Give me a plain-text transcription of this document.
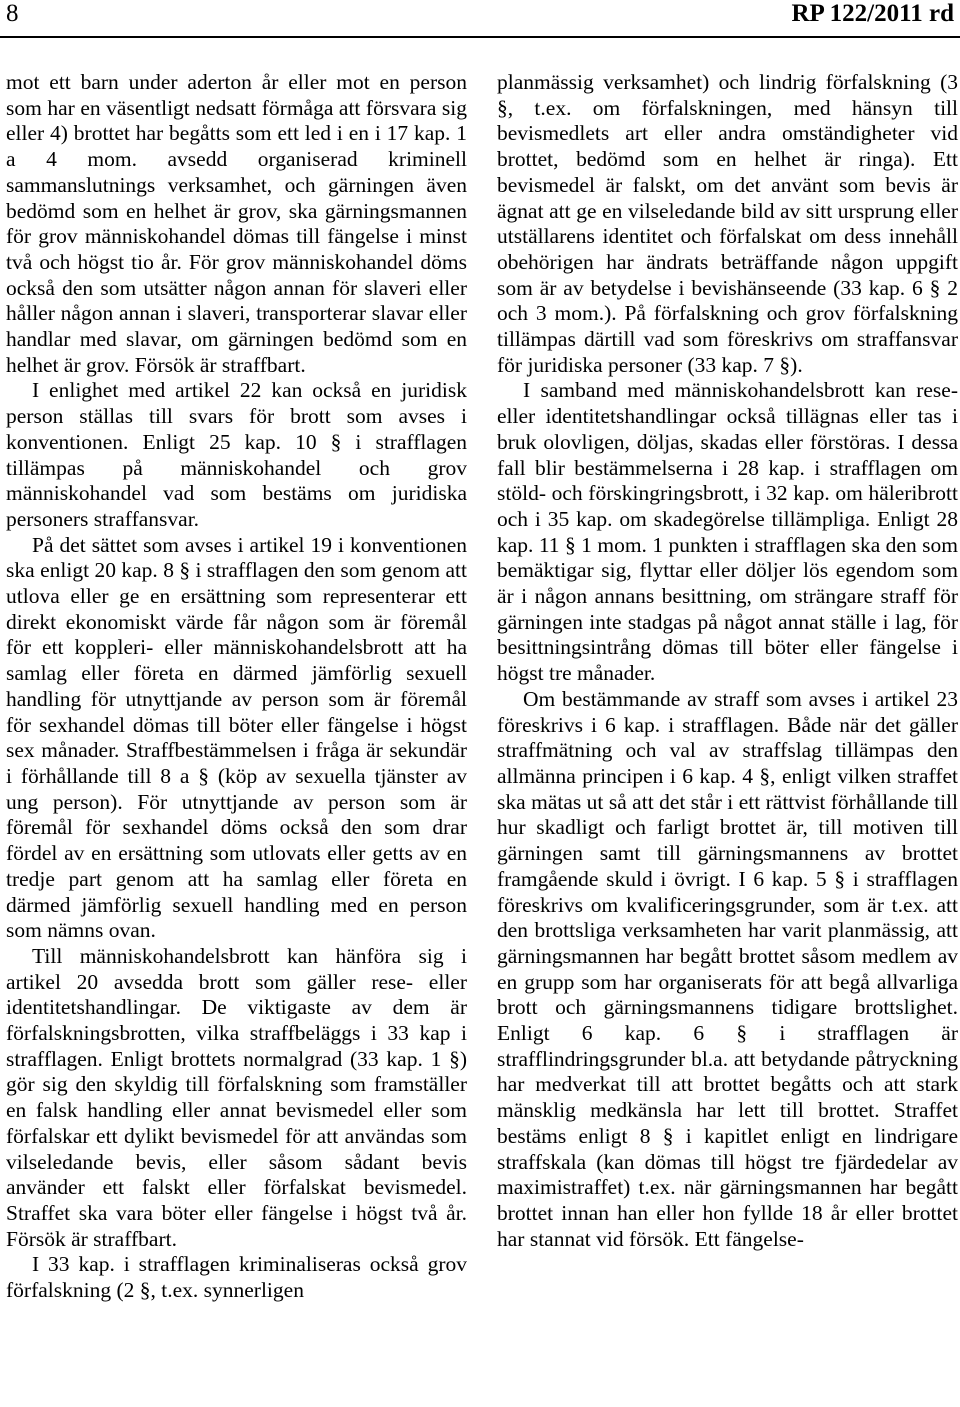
8	RP 122/2011 rd

mot ett barn under aderton år eller mot en person som har en väsentligt nedsatt förmåga att försvara sig eller 4) brottet har begåtts som ett led i en i 17 kap. 1 a 4 mom. avsedd organiserad kriminell sammanslutnings verksamhet, och gärningen även bedömd som en helhet är grov, ska gärningsmannen för grov människohandel dömas till fängelse i minst två och högst tio år. För grov människohandel döms också den som utsätter någon annan för slaveri eller håller någon annan i slaveri, transporterar slavar eller handlar med slavar, om gärningen bedömd som en helhet är grov. Försök är straffbart.

I enlighet med artikel 22 kan också en juridisk person ställas till svars för brott som avses i konventionen. Enligt 25 kap. 10 § i strafflagen tillämpas på människohandel och grov människohandel vad som bestäms om juridiska personers straffansvar.

På det sättet som avses i artikel 19 i konventionen ska enligt 20 kap. 8 § i strafflagen den som genom att utlova eller ge en ersättning som representerar ett direkt ekonomiskt värde får någon som är föremål för ett koppleri- eller människohandelsbrott att ha samlag eller företa en därmed jämförlig sexuell handling för utnyttjande av person som är föremål för sexhandel dömas till böter eller fängelse i högst sex månader. Straffbestämmelsen i fråga är sekundär i förhållande till 8 a § (köp av sexuella tjänster av ung person). För utnyttjande av person som är föremål för sexhandel döms också den som drar fördel av en ersättning som utlovats eller getts av en tredje part genom att ha samlag eller företa en därmed jämförlig sexuell handling med en person som nämns ovan.

Till människohandelsbrott kan hänföra sig i artikel 20 avsedda brott som gäller rese- eller identitetshandlingar. De viktigaste av dem är förfalskningsbrotten, vilka straffbeläggs i 33 kap i strafflagen. Enligt brottets normalgrad (33 kap. 1 §) gör sig den skyldig till förfalskning som framställer en falsk handling eller annat bevismedel eller som förfalskar ett dylikt bevismedel för att användas som vilseledande bevis, eller såsom sådant bevis använder ett falskt eller förfalskat bevismedel. Straffet ska vara böter eller fängelse i högst två år. Försök är straffbart.

I 33 kap. i strafflagen kriminaliseras också grov förfalskning (2 §, t.ex. synnerligen

planmässig verksamhet) och lindrig förfalskning (3 §, t.ex. om förfalskningen, med hänsyn till bevismedlets art eller andra omständigheter vid brottet, bedömd som en helhet är ringa). Ett bevismedel är falskt, om det använt som bevis är ägnat att ge en vilseledande bild av sitt ursprung eller utställarens identitet och förfalskat om dess innehåll obehörigen har ändrats beträffande någon uppgift som är av betydelse i bevishänseende (33 kap. 6 § 2 och 3 mom.). På förfalskning och grov förfalskning tillämpas därtill vad som föreskrivs om straffansvar för juridiska personer (33 kap. 7 §).

I samband med människohandelsbrott kan rese- eller identitetshandlingar också tillägnas eller tas i bruk olovligen, döljas, skadas eller förstöras. I dessa fall blir bestämmelserna i 28 kap. i strafflagen om stöld- och förskingringsbrott, i 32 kap. om häleribrott och i 35 kap. om skadegörelse tillämpliga. Enligt 28 kap. 11 § 1 mom. 1 punkten i strafflagen ska den som bemäktigar sig, flyttar eller döljer lös egendom som är i någon annans besittning, om strängare straff för gärningen inte stadgas på något annat ställe i lag, för besittningsintrång dömas till böter eller fängelse i högst tre månader.

Om bestämmande av straff som avses i artikel 23 föreskrivs i 6 kap. i strafflagen. Både när det gäller straffmätning och val av straffslag tillämpas den allmänna principen i 6 kap. 4 §, enligt vilken straffet ska mätas ut så att det står i ett rättvist förhållande till hur skadligt och farligt brottet är, till motiven till gärningen samt till gärningsmannens av brottet framgående skuld i övrigt. I 6 kap. 5 § i strafflagen föreskrivs om kvalificeringsgrunder, som är t.ex. att den brottsliga verksamheten har varit planmässig, att gärningsmannen har begått brottet såsom medlem av en grupp som har organiserats för att begå allvarliga brott och gärningsmannens tidigare brottslighet. Enligt 6 kap. 6 § i strafflagen är strafflindringsgrunder bl.a. att betydande påtryckning har medverkat till att brottet begåtts och att stark mänsklig medkänsla har lett till brottet. Straffet bestäms enligt 8 § i kapitlet enligt en lindrigare straffskala (kan dömas till högst tre fjärdedelar av maximistraffet) t.ex. när gärningsmannen har begått brottet innan han eller hon fyllde 18 år eller brottet har stannat vid försök. Ett fängelse-
